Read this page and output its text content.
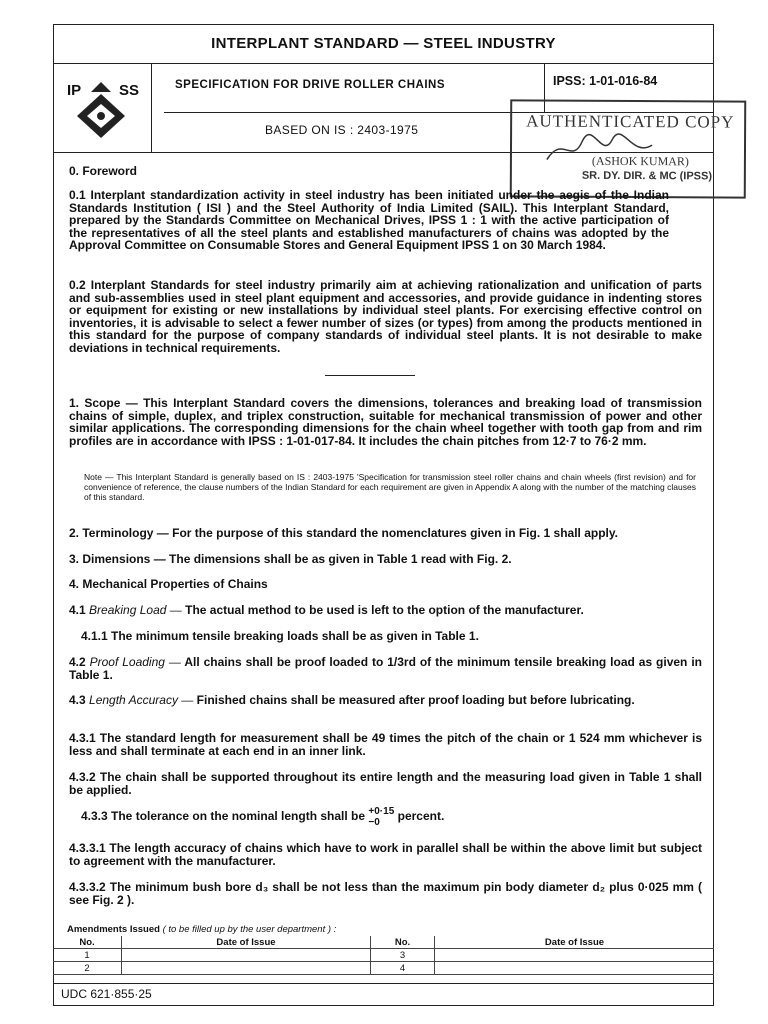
INTERPLANT STANDARD — STEEL INDUSTRY
IP	SS	SPECIFICATION FOR DRIVE ROLLER CHAINS	IPSS: 1-01-016-84
BASED ON IS : 2403-1975	AUTHENTICATED COPY
(ASHOK KUMAR)
SR. DY. DIR. & MC (IPSS)
0. Foreword

0.1 Interplant standardization activity in steel industry has been initiated under the aegis of the Indian Standards Institution ( ISI ) and the Steel Authority of India Limited (SAIL). This Interplant Standard, prepared by the Standards Committee on Mechanical Drives, IPSS 1 : 1 with the active participation of the representatives of all the steel plants and established manufacturers of chains was adopted by the Approval Committee on Consumable Stores and General Equipment IPSS 1 on 30 March 1984.

0.2 Interplant Standards for steel industry primarily aim at achieving rationalization and unification of parts and sub-assemblies used in steel plant equipment and accessories, and provide guidance in indenting stores or equipment for existing or new installations by individual steel plants. For exercising effective control on inventories, it is advisable to select a fewer number of sizes (or types) from among the products mentioned in this standard for the purpose of company standards of individual steel plants. It is not desirable to make deviations in technical requirements.

1. Scope — This Interplant Standard covers the dimensions, tolerances and breaking load of transmission chains of simple, duplex, and triplex construction, suitable for mechanical transmission of power and other similar applications. The corresponding dimensions for the chain wheel together with tooth gap from and rim profiles are in accordance with IPSS : 1-01-017-84. It includes the chain pitches from 12·7 to 76·2 mm.

Note — This Interplant Standard is generally based on IS : 2403-1975 'Specification for transmission steel roller chains and chain wheels (first revision) and for convenience of reference, the clause numbers of the Indian Standard for each requirement are given in Appendix A along with the number of the matching clauses of this standard.
2. Terminology — For the purpose of this standard the nomenclatures given in Fig. 1 shall apply.
3. Dimensions — The dimensions shall be as given in Table 1 read with Fig. 2.
4. Mechanical Properties of Chains
4.1 Breaking Load — The actual method to be used is left to the option of the manufacturer.
4.1.1 The minimum tensile breaking loads shall be as given in Table 1.
4.2 Proof Loading — All chains shall be proof loaded to 1/3rd of the minimum tensile breaking load as given in Table 1.
4.3 Length Accuracy — Finished chains shall be measured after proof loading but before lubricating.
4.3.1 The standard length for measurement shall be 49 times the pitch of the chain or 1 524 mm whichever is less and shall terminate at each end in an inner link.
4.3.2 The chain shall be supported throughout its entire length and the measuring load given in Table 1 shall be applied.
4.3.3 The tolerance on the nominal length shall be +0·15
−0 percent.
4.3.3.1 The length accuracy of chains which have to work in parallel shall be within the above limit but subject to agreement with the manufacturer.
4.3.3.2 The minimum bush bore d₃ shall be not less than the maximum pin body diameter d₂ plus 0·025 mm ( see Fig. 2 ).
Amendments Issued ( to be filled up by the user department ) :
No.	Date of Issue	No.	Date of Issue
1		3	
2		4	
UDC 621·855·25
